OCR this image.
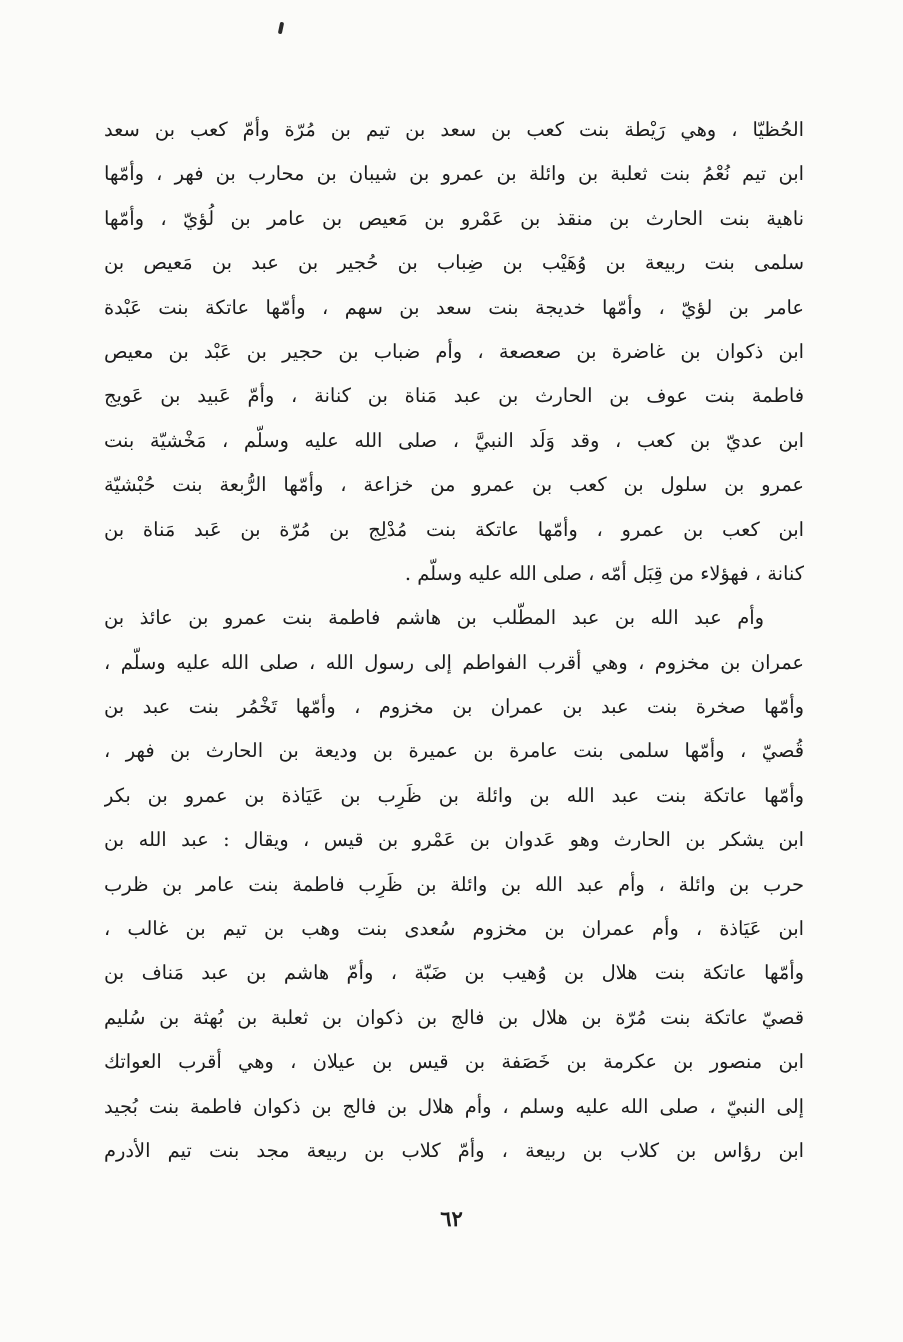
الحُظيّا ، وهي رَيْطة بنت كعب بن سعد بن تيم بن مُرّة وأمّ كعب بن سعد
ابن تيم نُعْمُ بنت ثعلبة بن وائلة بن عمرو بن شيبان بن محارب بن فهر ، وأمّها
ناهية بنت الحارث بن منقذ بن عَمْرو بن مَعيص بن عامر بن لُؤيّ ، وأمّها
سلمى بنت ربيعة بن وُهَيْب بن ضِباب بن حُجير بن عبد بن مَعيص بن
عامر بن لؤيّ ، وأمّها خديجة بنت سعد بن سهم ، وأمّها عاتكة بنت عَبْدة
ابن ذكوان بن غاضرة بن صعصعة ، وأم ضباب بن حجير بن عَبْد بن معيص
فاطمة بنت عوف بن الحارث بن عبد مَناة بن كنانة ، وأمّ عَبيد بن عَويج
ابن عديّ بن كعب ، وقد وَلَد النبيَّ ، صلى الله عليه وسلّم ، مَخْشيّة بنت
عمرو بن سلول بن كعب بن عمرو من خزاعة ، وأمّها الرُّبعة بنت حُبْشيّة
ابن كعب بن عمرو ، وأمّها عاتكة بنت مُدْلِج بن مُرّة بن عَبد مَناة بن
كنانة ، فهؤلاء من قِبَل أمّه ، صلى الله عليه وسلّم .
وأم عبد الله بن عبد المطّلب بن هاشم فاطمة بنت عمرو بن عائذ بن
عمران بن مخزوم ، وهي أقرب الفواطم إلى رسول الله ، صلى الله عليه وسلّم ،
وأمّها صخرة بنت عبد بن عمران بن مخزوم ، وأمّها تَخْمُر بنت عبد بن
قُصيّ ، وأمّها سلمى بنت عامرة بن عميرة بن وديعة بن الحارث بن فهر ،
وأمّها عاتكة بنت عبد الله بن وائلة بن ظَرِب بن عَيَاذة بن عمرو بن بكر
ابن يشكر بن الحارث وهو عَدوان بن عَمْرو بن قيس ، ويقال : عبد الله بن
حرب بن وائلة ، وأم عبد الله بن وائلة بن ظَرِب فاطمة بنت عامر بن ظرب
ابن عَيَاذة ، وأم عمران بن مخزوم سُعدى بنت وهب بن تيم بن غالب ،
وأمّها عاتكة بنت هلال بن وُهيب بن ضَبّة ، وأمّ هاشم بن عبد مَناف بن
قصيّ عاتكة بنت مُرّة بن هلال بن فالج بن ذكوان بن ثعلبة بن بُهثة بن سُليم
ابن منصور بن عكرمة بن خَصَفة بن قيس بن عيلان ، وهي أقرب العواتك
إلى النبيّ ، صلى الله عليه وسلم ، وأم هلال بن فالج بن ذكوان فاطمة بنت بُجيد
ابن رؤاس بن كلاب بن ربيعة ، وأمّ كلاب بن ربيعة مجد بنت تيم الأدرم
٦٢
